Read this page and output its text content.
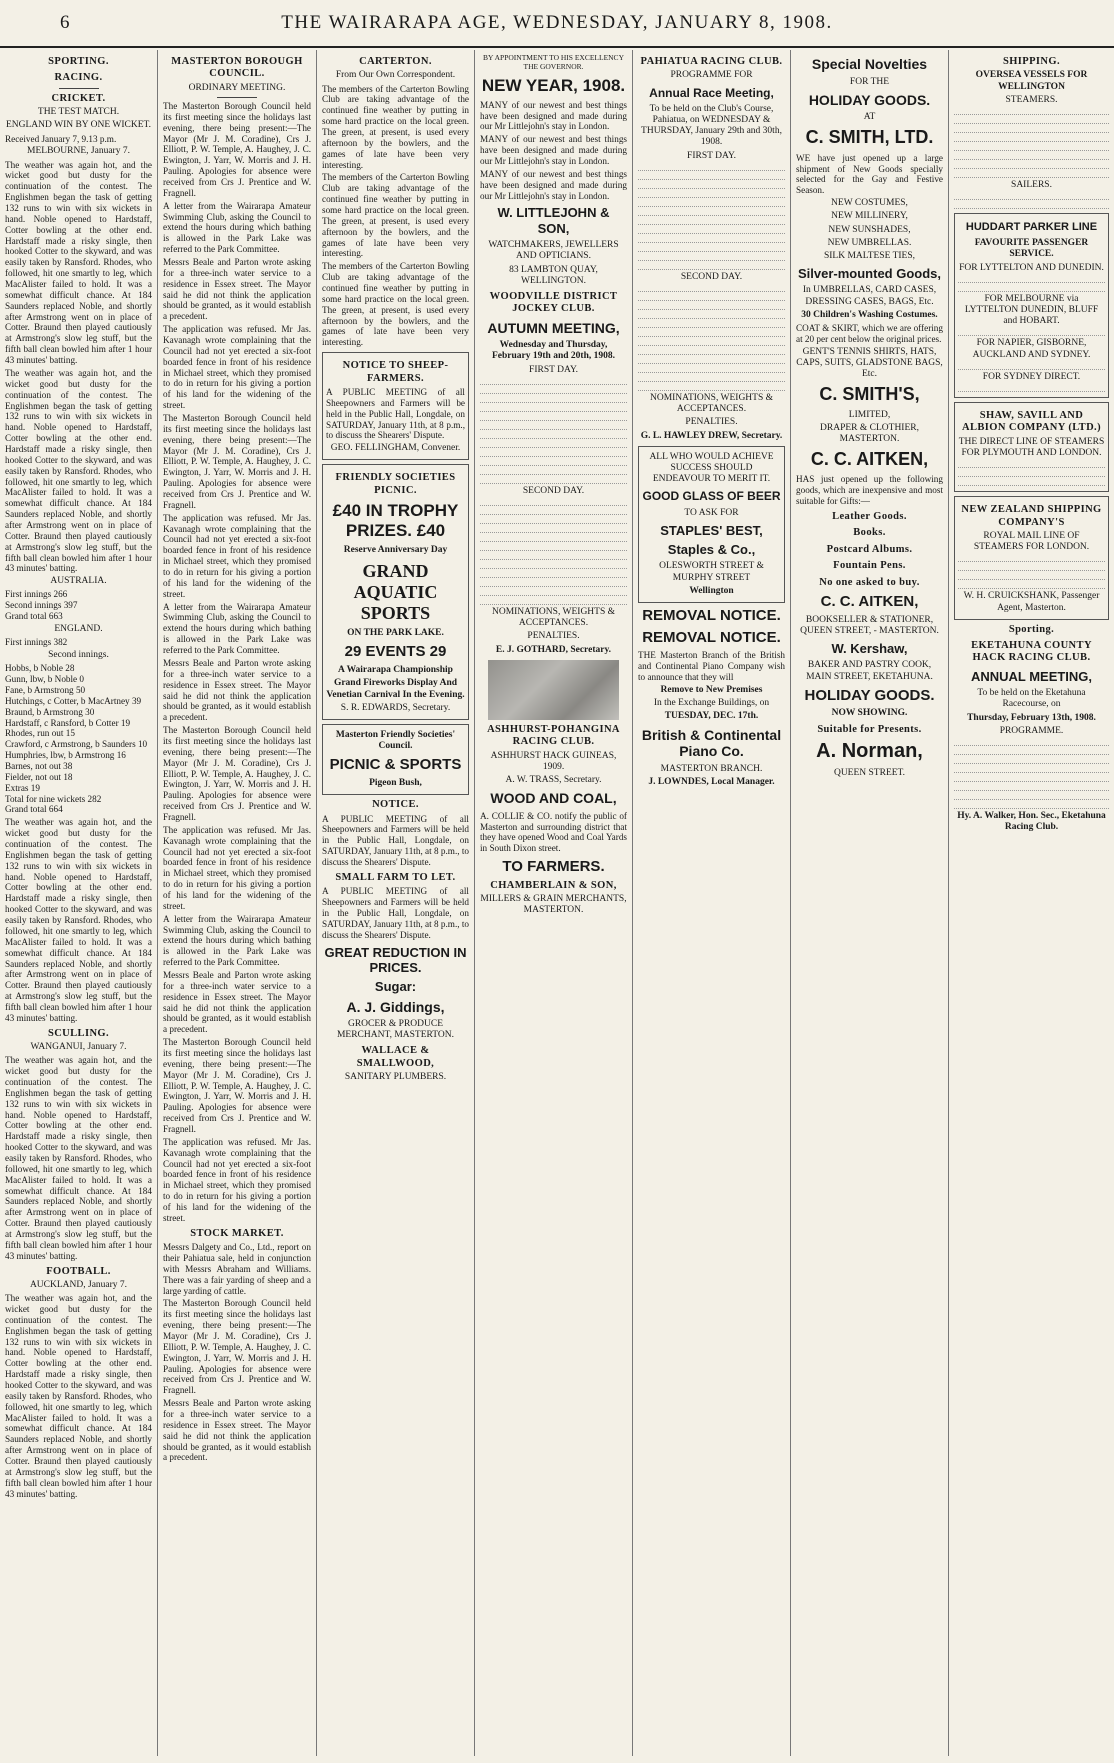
6	THE WAIRARAPA AGE, WEDNESDAY, JANUARY 8, 1908.
SPORTING.
RACING.
CRICKET.
THE TEST MATCH.
ENGLAND WIN BY ONE WICKET.

Received January 7, 9.13 p.m.

MELBOURNE, January 7.

The weather was again hot, and the wicket good but dusty for the continuation of the contest. The Englishmen began the task of getting 132 runs to win with six wickets in hand. Noble opened to Hardstaff, Cotter bowling at the other end. Hardstaff made a risky single, then hooked Cotter to the skyward, and was easily taken by Ransford. Rhodes, who followed, hit one smartly to leg, which MacAlister failed to hold. It was a somewhat difficult chance. At 184 Saunders replaced Noble, and shortly after Armstrong went on in place of Cotter. Braund then played cautiously at Armstrong's slow leg stuff, but the fifth ball clean bowled him after 1 hour 43 minutes' batting.

The weather was again hot, and the wicket good but dusty for the continuation of the contest. The Englishmen began the task of getting 132 runs to win with six wickets in hand. Noble opened to Hardstaff, Cotter bowling at the other end. Hardstaff made a risky single, then hooked Cotter to the skyward, and was easily taken by Ransford. Rhodes, who followed, hit one smartly to leg, which MacAlister failed to hold. It was a somewhat difficult chance. At 184 Saunders replaced Noble, and shortly after Armstrong went on in place of Cotter. Braund then played cautiously at Armstrong's slow leg stuff, but the fifth ball clean bowled him after 1 hour 43 minutes' batting.

AUSTRALIA.
First innings 266
Second innings 397
Grand total 663
ENGLAND.
First innings 382
Second innings.
Hobbs, b Noble 28
Gunn, lbw, b Noble 0
Fane, b Armstrong 50
Hutchings, c Cotter, b MacArtney 39
Braund, b Armstrong 30
Hardstaff, c Ransford, b Cotter 19
Rhodes, run out 15
Crawford, c Armstrong, b Saunders 10
Humphries, lbw, b Armstrong 16
Barnes, not out 38
Fielder, not out 18
Extras 19
Total for nine wickets 282
Grand total 664

The weather was again hot, and the wicket good but dusty for the continuation of the contest. The Englishmen began the task of getting 132 runs to win with six wickets in hand. Noble opened to Hardstaff, Cotter bowling at the other end. Hardstaff made a risky single, then hooked Cotter to the skyward, and was easily taken by Ransford. Rhodes, who followed, hit one smartly to leg, which MacAlister failed to hold. It was a somewhat difficult chance. At 184 Saunders replaced Noble, and shortly after Armstrong went on in place of Cotter. Braund then played cautiously at Armstrong's slow leg stuff, but the fifth ball clean bowled him after 1 hour 43 minutes' batting.

SCULLING.
WANGANUI, January 7.

The weather was again hot, and the wicket good but dusty for the continuation of the contest. The Englishmen began the task of getting 132 runs to win with six wickets in hand. Noble opened to Hardstaff, Cotter bowling at the other end. Hardstaff made a risky single, then hooked Cotter to the skyward, and was easily taken by Ransford. Rhodes, who followed, hit one smartly to leg, which MacAlister failed to hold. It was a somewhat difficult chance. At 184 Saunders replaced Noble, and shortly after Armstrong went on in place of Cotter. Braund then played cautiously at Armstrong's slow leg stuff, but the fifth ball clean bowled him after 1 hour 43 minutes' batting.

FOOTBALL.
AUCKLAND, January 7.

The weather was again hot, and the wicket good but dusty for the continuation of the contest. The Englishmen began the task of getting 132 runs to win with six wickets in hand. Noble opened to Hardstaff, Cotter bowling at the other end. Hardstaff made a risky single, then hooked Cotter to the skyward, and was easily taken by Ransford. Rhodes, who followed, hit one smartly to leg, which MacAlister failed to hold. It was a somewhat difficult chance. At 184 Saunders replaced Noble, and shortly after Armstrong went on in place of Cotter. Braund then played cautiously at Armstrong's slow leg stuff, but the fifth ball clean bowled him after 1 hour 43 minutes' batting.

MASTERTON BOROUGH COUNCIL.
ORDINARY MEETING.

The Masterton Borough Council held its first meeting since the holidays last evening, there being present:—The Mayor (Mr J. M. Coradine), Crs J. Elliott, P. W. Temple, A. Haughey, J. C. Ewington, J. Yarr, W. Morris and J. H. Pauling. Apologies for absence were received from Crs J. Prentice and W. Fragnell.

A letter from the Wairarapa Amateur Swimming Club, asking the Council to extend the hours during which bathing is allowed in the Park Lake was referred to the Park Committee.

Messrs Beale and Parton wrote asking for a three-inch water service to a residence in Essex street. The Mayor said he did not think the application should be granted, as it would establish a precedent.

The application was refused. Mr Jas. Kavanagh wrote complaining that the Council had not yet erected a six-foot boarded fence in front of his residence in Michael street, which they promised to do in return for his giving a portion of his land for the widening of the street.

The Masterton Borough Council held its first meeting since the holidays last evening, there being present:—The Mayor (Mr J. M. Coradine), Crs J. Elliott, P. W. Temple, A. Haughey, J. C. Ewington, J. Yarr, W. Morris and J. H. Pauling. Apologies for absence were received from Crs J. Prentice and W. Fragnell.

The application was refused. Mr Jas. Kavanagh wrote complaining that the Council had not yet erected a six-foot boarded fence in front of his residence in Michael street, which they promised to do in return for his giving a portion of his land for the widening of the street.

A letter from the Wairarapa Amateur Swimming Club, asking the Council to extend the hours during which bathing is allowed in the Park Lake was referred to the Park Committee.

Messrs Beale and Parton wrote asking for a three-inch water service to a residence in Essex street. The Mayor said he did not think the application should be granted, as it would establish a precedent.

The Masterton Borough Council held its first meeting since the holidays last evening, there being present:—The Mayor (Mr J. M. Coradine), Crs J. Elliott, P. W. Temple, A. Haughey, J. C. Ewington, J. Yarr, W. Morris and J. H. Pauling. Apologies for absence were received from Crs J. Prentice and W. Fragnell.

The application was refused. Mr Jas. Kavanagh wrote complaining that the Council had not yet erected a six-foot boarded fence in front of his residence in Michael street, which they promised to do in return for his giving a portion of his land for the widening of the street.

A letter from the Wairarapa Amateur Swimming Club, asking the Council to extend the hours during which bathing is allowed in the Park Lake was referred to the Park Committee.

Messrs Beale and Parton wrote asking for a three-inch water service to a residence in Essex street. The Mayor said he did not think the application should be granted, as it would establish a precedent.

The Masterton Borough Council held its first meeting since the holidays last evening, there being present:—The Mayor (Mr J. M. Coradine), Crs J. Elliott, P. W. Temple, A. Haughey, J. C. Ewington, J. Yarr, W. Morris and J. H. Pauling. Apologies for absence were received from Crs J. Prentice and W. Fragnell.

The application was refused. Mr Jas. Kavanagh wrote complaining that the Council had not yet erected a six-foot boarded fence in front of his residence in Michael street, which they promised to do in return for his giving a portion of his land for the widening of the street.

STOCK MARKET.

Messrs Dalgety and Co., Ltd., report on their Pahiatua sale, held in conjunction with Messrs Abraham and Williams. There was a fair yarding of sheep and a large yarding of cattle.

The Masterton Borough Council held its first meeting since the holidays last evening, there being present:—The Mayor (Mr J. M. Coradine), Crs J. Elliott, P. W. Temple, A. Haughey, J. C. Ewington, J. Yarr, W. Morris and J. H. Pauling. Apologies for absence were received from Crs J. Prentice and W. Fragnell.

Messrs Beale and Parton wrote asking for a three-inch water service to a residence in Essex street. The Mayor said he did not think the application should be granted, as it would establish a precedent.

CARTERTON.
From Our Own Correspondent.

The members of the Carterton Bowling Club are taking advantage of the continued fine weather by putting in some hard practice on the local green. The green, at present, is used every afternoon by the bowlers, and the games of late have been very interesting.

The members of the Carterton Bowling Club are taking advantage of the continued fine weather by putting in some hard practice on the local green. The green, at present, is used every afternoon by the bowlers, and the games of late have been very interesting.

The members of the Carterton Bowling Club are taking advantage of the continued fine weather by putting in some hard practice on the local green. The green, at present, is used every afternoon by the bowlers, and the games of late have been very interesting.

NOTICE TO SHEEP-FARMERS.

A PUBLIC MEETING of all Sheepowners and Farmers will be held in the Public Hall, Longdale, on SATURDAY, January 11th, at 8 p.m., to discuss the Shearers' Dispute.

GEO. FELLINGHAM, Convener.
FRIENDLY SOCIETIES PICNIC.
£40 IN TROPHY PRIZES. £40
Reserve Anniversary Day
GRAND AQUATIC SPORTS
ON THE PARK LAKE.
29 EVENTS 29
A Wairarapa Championship
Grand Fireworks Display And Venetian Carnival In the Evening.
S. R. EDWARDS, Secretary.
Masterton Friendly Societies' Council.
PICNIC & SPORTS
Pigeon Bush,
NOTICE.

A PUBLIC MEETING of all Sheepowners and Farmers will be held in the Public Hall, Longdale, on SATURDAY, January 11th, at 8 p.m., to discuss the Shearers' Dispute.

SMALL FARM TO LET.

A PUBLIC MEETING of all Sheepowners and Farmers will be held in the Public Hall, Longdale, on SATURDAY, January 11th, at 8 p.m., to discuss the Shearers' Dispute.

GREAT REDUCTION IN PRICES.
Sugar:
A. J. Giddings,
GROCER & PRODUCE MERCHANT, MASTERTON.
WALLACE & SMALLWOOD,
SANITARY PLUMBERS.
BY APPOINTMENT TO HIS EXCELLENCY THE GOVERNOR.
NEW YEAR, 1908.

MANY of our newest and best things have been designed and made during our Mr Littlejohn's stay in London.

MANY of our newest and best things have been designed and made during our Mr Littlejohn's stay in London.

MANY of our newest and best things have been designed and made during our Mr Littlejohn's stay in London.

W. LITTLEJOHN & SON,
WATCHMAKERS, JEWELLERS AND OPTICIANS.
83 LAMBTON QUAY, WELLINGTON.
WOODVILLE DISTRICT JOCKEY CLUB.
AUTUMN MEETING,
Wednesday and Thursday, February 19th and 20th, 1908.
FIRST DAY.
SECOND DAY.
NOMINATIONS, WEIGHTS & ACCEPTANCES.
PENALTIES.
E. J. GOTHARD, Secretary.
ASHHURST-POHANGINA RACING CLUB.
ASHHURST HACK GUINEAS, 1909.
A. W. TRASS, Secretary.
WOOD AND COAL,

A. COLLIE & CO. notify the public of Masterton and surrounding district that they have opened Wood and Coal Yards in South Dixon street.

TO FARMERS.
CHAMBERLAIN & SON,
MILLERS & GRAIN MERCHANTS, MASTERTON.
PAHIATUA RACING CLUB.
PROGRAMME FOR
Annual Race Meeting,
To be held on the Club's Course, Pahiatua, on WEDNESDAY & THURSDAY, January 29th and 30th, 1908.
FIRST DAY.
SECOND DAY.
NOMINATIONS, WEIGHTS & ACCEPTANCES.
PENALTIES.
G. L. HAWLEY DREW, Secretary.
ALL WHO WOULD ACHIEVE SUCCESS SHOULD ENDEAVOUR TO MERIT IT.
GOOD GLASS OF BEER
TO ASK FOR
STAPLES' BEST,
Staples & Co.,
OLESWORTH STREET & MURPHY STREET
Wellington
REMOVAL NOTICE.
REMOVAL NOTICE.

THE Masterton Branch of the British and Continental Piano Company wish to announce that they will

Remove to New Premises
In the Exchange Buildings, on
TUESDAY, DEC. 17th.
British & Continental Piano Co.
MASTERTON BRANCH.
J. LOWNDES, Local Manager.
Special Novelties
FOR THE
HOLIDAY GOODS.
AT
C. SMITH, LTD.

WE have just opened up a large shipment of New Goods specially selected for the Gay and Festive Season.

NEW COSTUMES,
NEW MILLINERY,
NEW SUNSHADES,
NEW UMBRELLAS.
SILK MALTESE TIES,
Silver-mounted Goods,
In UMBRELLAS, CARD CASES, DRESSING CASES, BAGS, Etc.
30 Children's Washing Costumes.

COAT & SKIRT, which we are offering at 20 per cent below the original prices.

GENT'S TENNIS SHIRTS, HATS, CAPS, SUITS, GLADSTONE BAGS, Etc.
C. SMITH'S,
LIMITED,
DRAPER & CLOTHIER, MASTERTON.
C. C. AITKEN,

HAS just opened up the following goods, which are inexpensive and most suitable for Gifts:—

Leather Goods.
Books.
Postcard Albums.
Fountain Pens.
No one asked to buy.
C. C. AITKEN,
BOOKSELLER & STATIONER, QUEEN STREET, - MASTERTON.
W. Kershaw,
BAKER AND PASTRY COOK, MAIN STREET, EKETAHUNA.
HOLIDAY GOODS.
NOW SHOWING.
Suitable for Presents.
A. Norman,
QUEEN STREET.
SHIPPING.
OVERSEA VESSELS FOR WELLINGTON
STEAMERS.
SAILERS.
HUDDART PARKER LINE
FAVOURITE PASSENGER SERVICE.
FOR LYTTELTON AND DUNEDIN.
FOR MELBOURNE via LYTTELTON DUNEDIN, BLUFF and HOBART.
FOR NAPIER, GISBORNE, AUCKLAND AND SYDNEY.
FOR SYDNEY DIRECT.
SHAW, SAVILL AND ALBION COMPANY (LTD.)
THE DIRECT LINE OF STEAMERS FOR PLYMOUTH AND LONDON.
NEW ZEALAND SHIPPING COMPANY'S
ROYAL MAIL LINE OF STEAMERS FOR LONDON.
W. H. CRUICKSHANK, Passenger Agent, Masterton.
Sporting.
EKETAHUNA COUNTY HACK RACING CLUB.
ANNUAL MEETING,
To be held on the Eketahuna Racecourse, on
Thursday, February 13th, 1908.
PROGRAMME.
Hy. A. Walker, Hon. Sec., Eketahuna Racing Club.
